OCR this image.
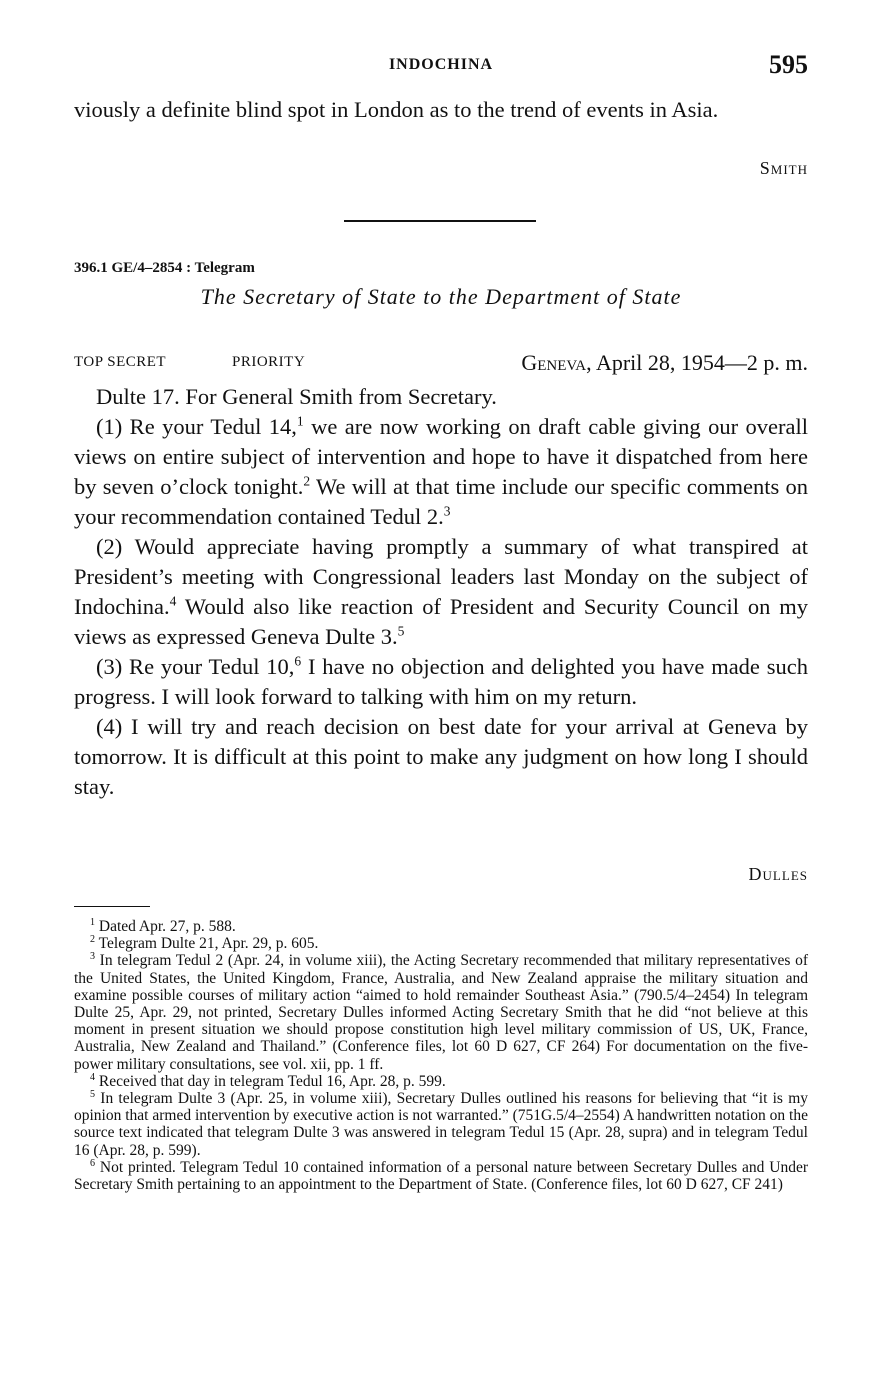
INDOCHINA	595
viously a definite blind spot in London as to the trend of events in Asia.
Smith
396.1 GE/4–2854 : Telegram
The Secretary of State to the Department of State
TOP SECRET	PRIORITY	Geneva, April 28, 1954—2 p. m.

Dulte 17. For General Smith from Secretary.

(1) Re your Tedul 14,$^1$ we are now working on draft cable giving our overall views on entire subject of intervention and hope to have it dispatched from here by seven o’clock tonight.$^2$ We will at that time include our specific comments on your recommendation contained Tedul 2.$^3$

(2) Would appreciate having promptly a summary of what transpired at President’s meeting with Congressional leaders last Monday on the subject of Indochina.$^4$ Would also like reaction of President and Security Council on my views as expressed Geneva Dulte 3.$^5$

(3) Re your Tedul 10,$^6$ I have no objection and delighted you have made such progress. I will look forward to talking with him on my return.

(4) I will try and reach decision on best date for your arrival at Geneva by tomorrow. It is difficult at this point to make any judgment on how long I should stay.

Dulles

$^1$ Dated Apr. 27, p. 588.

$^2$ Telegram Dulte 21, Apr. 29, p. 605.

$^3$ In telegram Tedul 2 (Apr. 24, in volume xiii), the Acting Secretary recommended that military representatives of the United States, the United Kingdom, France, Australia, and New Zealand appraise the military situation and examine possible courses of military action “aimed to hold remainder Southeast Asia.” (790.5/4–2454) In telegram Dulte 25, Apr. 29, not printed, Secretary Dulles informed Acting Secretary Smith that he did “not believe at this moment in present situation we should propose constitution high level military commission of US, UK, France, Australia, New Zealand and Thailand.” (Conference files, lot 60 D 627, CF 264) For documentation on the five-power military consultations, see vol. xii, pp. 1 ff.

$^4$ Received that day in telegram Tedul 16, Apr. 28, p. 599.

$^5$ In telegram Dulte 3 (Apr. 25, in volume xiii), Secretary Dulles outlined his reasons for believing that “it is my opinion that armed intervention by executive action is not warranted.” (751G.5/4–2554) A handwritten notation on the source text indicated that telegram Dulte 3 was answered in telegram Tedul 15 (Apr. 28, supra) and in telegram Tedul 16 (Apr. 28, p. 599).

$^6$ Not printed. Telegram Tedul 10 contained information of a personal nature between Secretary Dulles and Under Secretary Smith pertaining to an appointment to the Department of State. (Conference files, lot 60 D 627, CF 241)
